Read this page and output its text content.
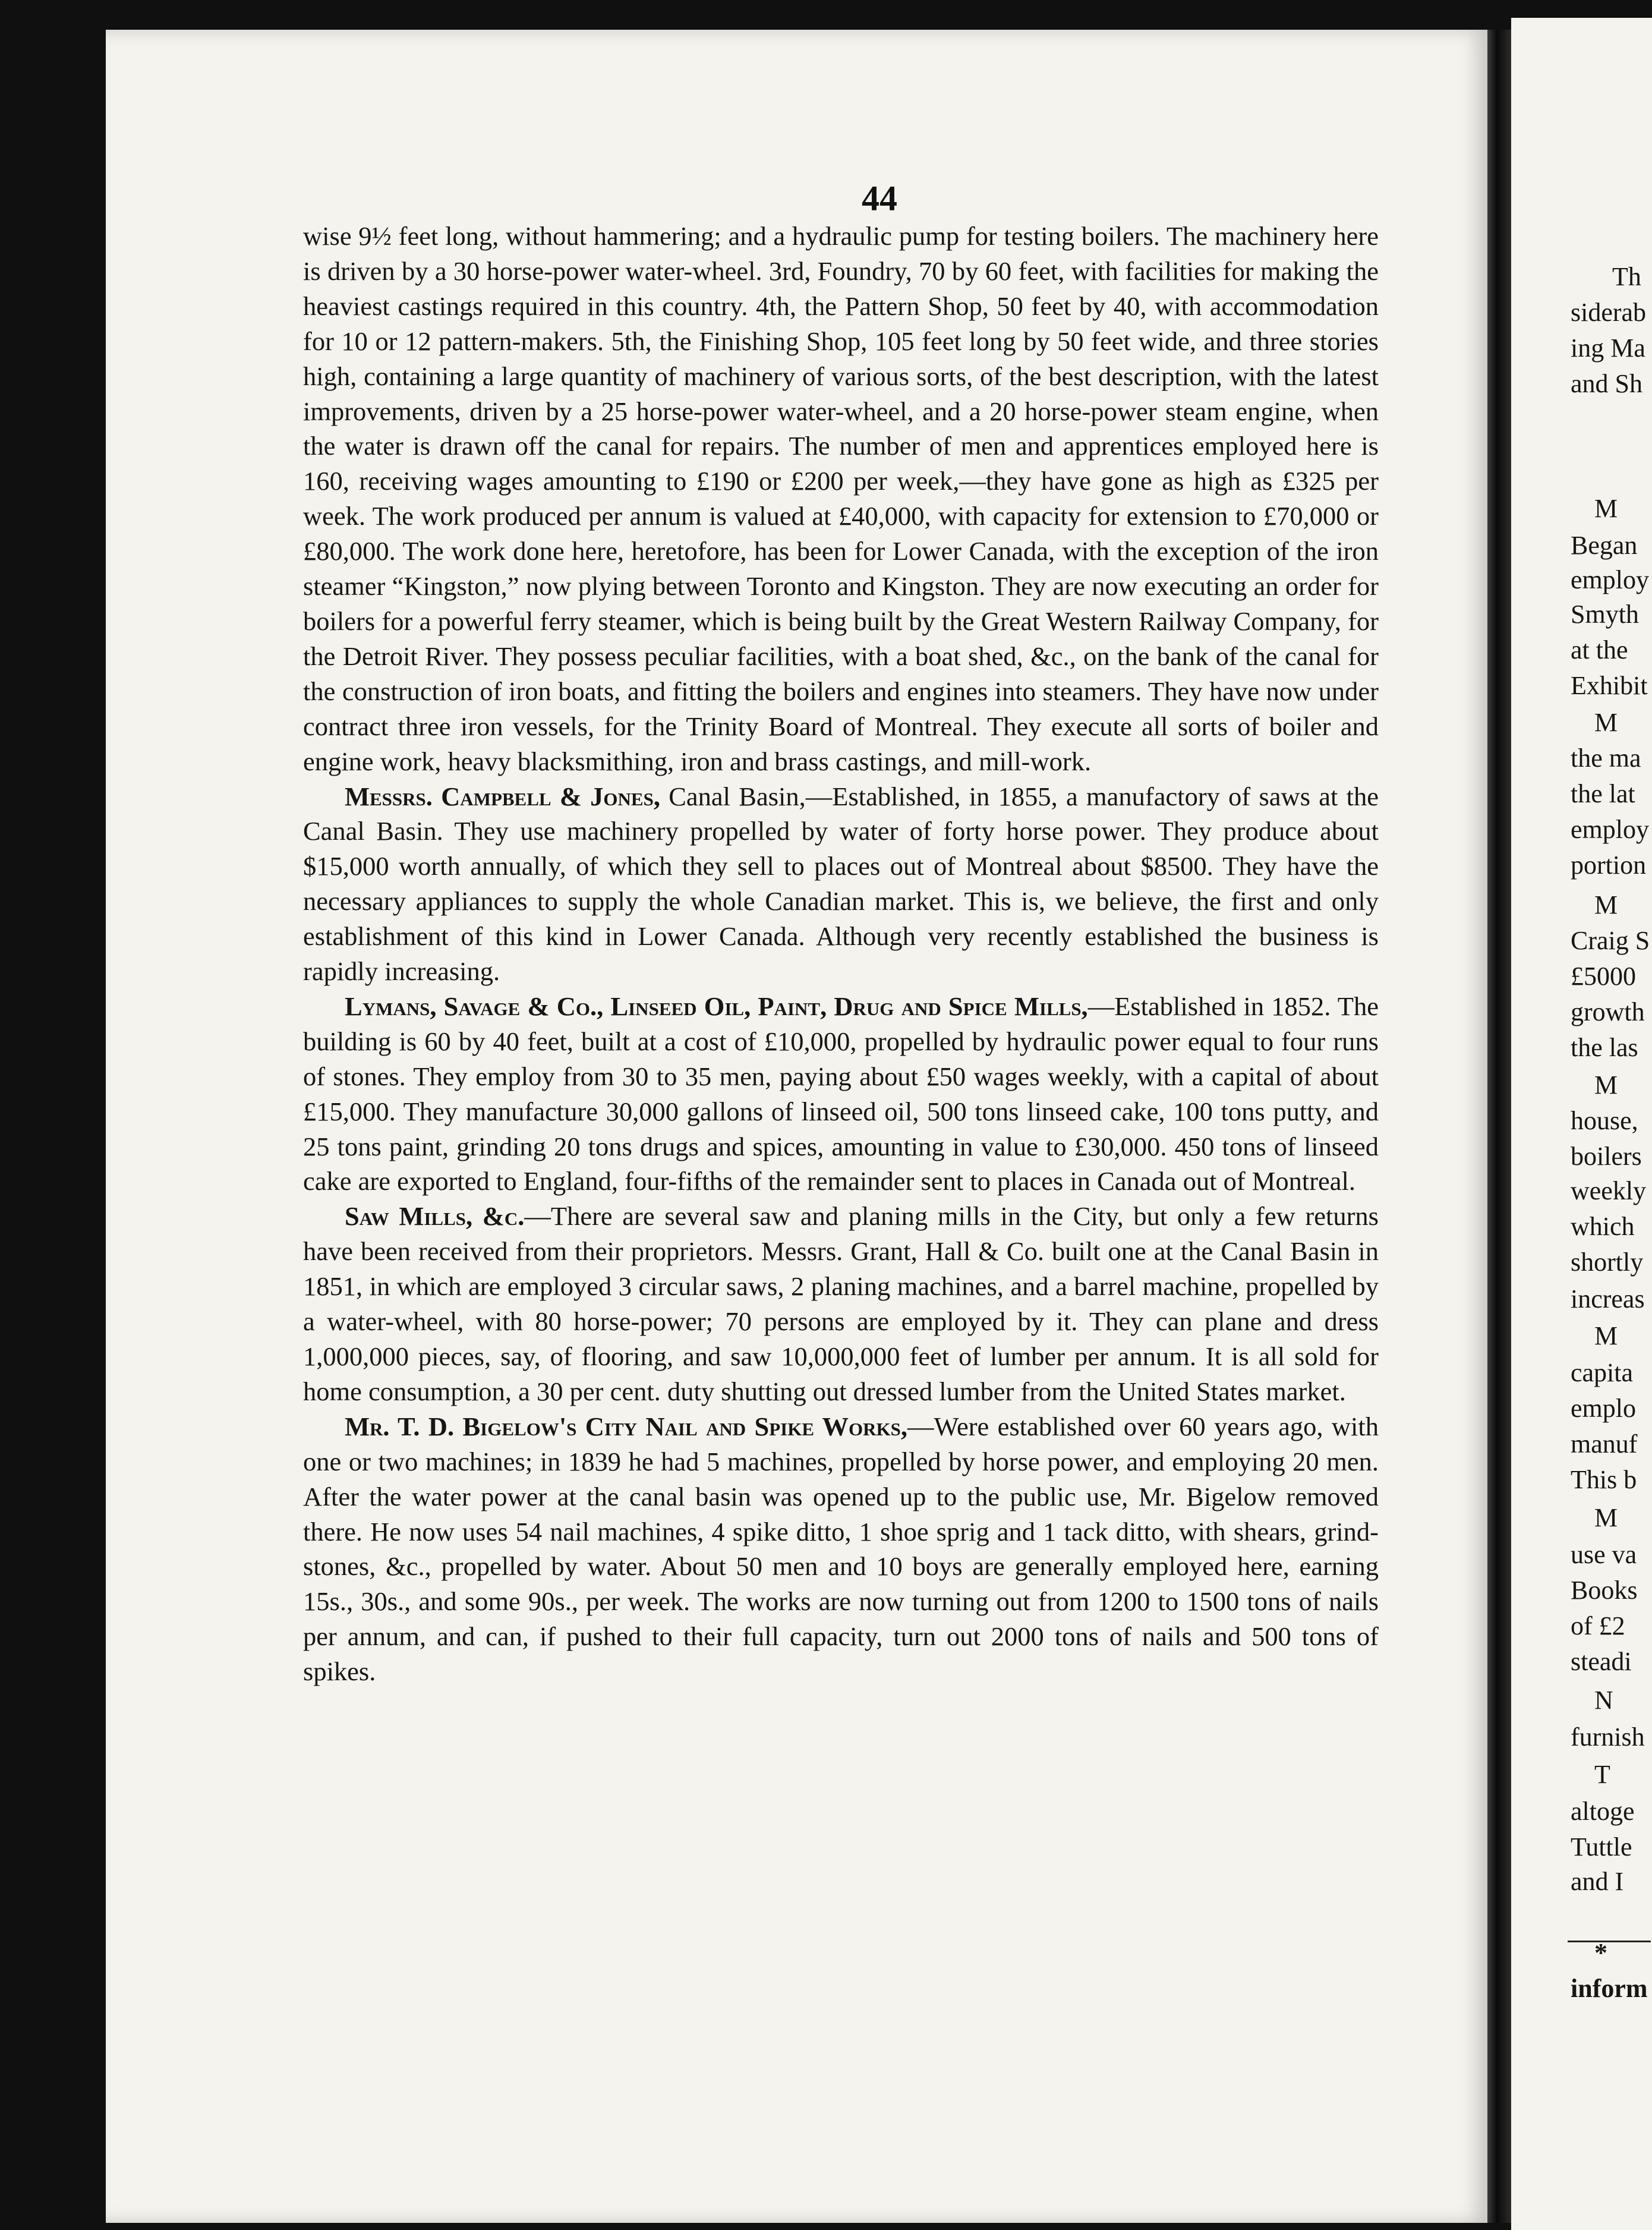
44

wise 9½ feet long, without hammering; and a hydraulic pump for testing boilers. The machinery here is driven by a 30 horse-power water-wheel. 3rd, Foundry, 70 by 60 feet, with facilities for making the heaviest castings required in this country. 4th, the Pattern Shop, 50 feet by 40, with accommodation for 10 or 12 pattern-makers. 5th, the Finishing Shop, 105 feet long by 50 feet wide, and three stories high, containing a large quantity of machinery of various sorts, of the best description, with the latest improvements, driven by a 25 horse-power water-wheel, and a 20 horse-power steam engine, when the water is drawn off the canal for repairs. The number of men and apprentices employed here is 160, receiving wages amounting to £190 or £200 per week,—they have gone as high as £325 per week. The work produced per annum is valued at £40,000, with capacity for extension to £70,000 or £80,000. The work done here, heretofore, has been for Lower Canada, with the exception of the iron steamer “Kingston,” now plying between Toronto and Kingston. They are now executing an order for boilers for a powerful ferry steamer, which is being built by the Great Western Railway Company, for the Detroit River. They possess peculiar facilities, with a boat shed, &c., on the bank of the canal for the construction of iron boats, and fitting the boilers and engines into steamers. They have now under contract three iron vessels, for the Trinity Board of Montreal. They execute all sorts of boiler and engine work, heavy blacksmithing, iron and brass castings, and mill-work.

Messrs. Campbell & Jones, Canal Basin,—Established, in 1855, a manufactory of saws at the Canal Basin. They use machinery propelled by water of forty horse power. They produce about $15,000 worth annually, of which they sell to places out of Montreal about $8500. They have the necessary appliances to supply the whole Canadian market. This is, we believe, the first and only establishment of this kind in Lower Canada. Although very recently established the business is rapidly increasing.

Lymans, Savage & Co., Linseed Oil, Paint, Drug and Spice Mills,—Established in 1852. The building is 60 by 40 feet, built at a cost of £10,000, propelled by hydraulic power equal to four runs of stones. They employ from 30 to 35 men, paying about £50 wages weekly, with a capital of about £15,000. They manufacture 30,000 gallons of linseed oil, 500 tons linseed cake, 100 tons putty, and 25 tons paint, grinding 20 tons drugs and spices, amounting in value to £30,000. 450 tons of linseed cake are exported to England, four-fifths of the remainder sent to places in Canada out of Montreal.

Saw Mills, &c.—There are several saw and planing mills in the City, but only a few returns have been received from their proprietors. Messrs. Grant, Hall & Co. built one at the Canal Basin in 1851, in which are employed 3 circular saws, 2 planing machines, and a barrel machine, propelled by a water-wheel, with 80 horse-power; 70 persons are employed by it. They can plane and dress 1,000,000 pieces, say, of flooring, and saw 10,000,000 feet of lumber per annum. It is all sold for home consumption, a 30 per cent. duty shutting out dressed lumber from the United States market.

Mr. T. D. Bigelow's City Nail and Spike Works,—Were established over 60 years ago, with one or two machines; in 1839 he had 5 machines, propelled by horse power, and employing 20 men. After the water power at the canal basin was opened up to the public use, Mr. Bigelow removed there. He now uses 54 nail machines, 4 spike ditto, 1 shoe sprig and 1 tack ditto, with shears, grind-stones, &c., propelled by water. About 50 men and 10 boys are generally employed here, earning 15s., 30s., and some 90s., per week. The works are now turning out from 1200 to 1500 tons of nails per annum, and can, if pushed to their full capacity, turn out 2000 tons of nails and 500 tons of spikes.

Th
siderab
ing Ma
and Sh
M
Began
employ
Smyth
at the
Exhibit
M
the ma
the lat
employ
portion
M
Craig S
£5000
growth
the las
M
house,
boilers
weekly
which
shortly
increas
M
capita
emplo
manuf
This b
M
use va
Books
of £2
steadi
N
furnish
T
altoge
Tuttle
and I
*
inform
